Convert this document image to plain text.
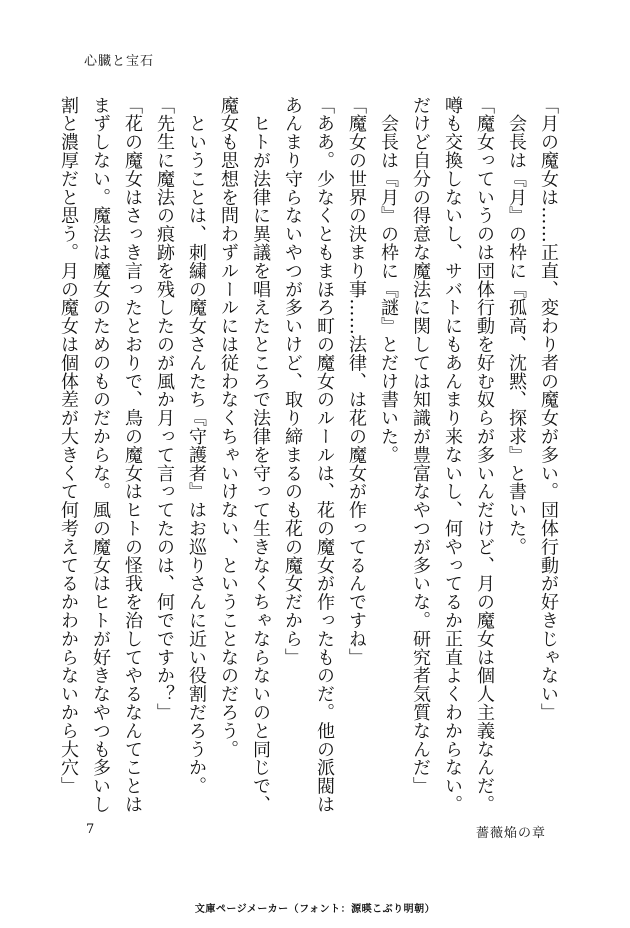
心臓と宝石
「月の魔女は……正直、変わり者の魔女が多い。団体行動が好きじゃない」
　会長は『月』の枠に『孤高、沈黙、探求』と書いた。
「魔女っていうのは団体行動を好む奴らが多いんだけど、月の魔女は個人主義なんだ。
噂も交換しないし、サバトにもあんまり来ないし、何やってるか正直よくわからない。
だけど自分の得意な魔法に関しては知識が豊富なやつが多いな。研究者気質なんだ」
　会長は『月』の枠に『謎』とだけ書いた。
「魔女の世界の決まり事……法律、は花の魔女が作ってるんですね」
「ああ。少なくともまほろ町の魔女のルールは、花の魔女が作ったものだ。他の派閥は
あんまり守らないやつが多いけど、取り締まるのも花の魔女だから」
　ヒトが法律に異議を唱えたところで法律を守って生きなくちゃならないのと同じで、
魔女も思想を問わずルールには従わなくちゃいけない、ということなのだろう。
　ということは、刺繍の魔女さんたち『守護者』はお巡りさんに近い役割だろうか。
「先生に魔法の痕跡を残したのが風か月って言ってたのは、何でですか？」
「花の魔女はさっき言ったとおりで、鳥の魔女はヒトの怪我を治してやるなんてことは
まずしない。魔法は魔女のためのものだからな。風の魔女はヒトが好きなやつも多いし
割と濃厚だと思う。月の魔女は個体差が大きくて何考えてるかわからないから大穴」
7	薔薇焔の章
文庫ページメーカー（フォント：源暎こぶり明朝）
